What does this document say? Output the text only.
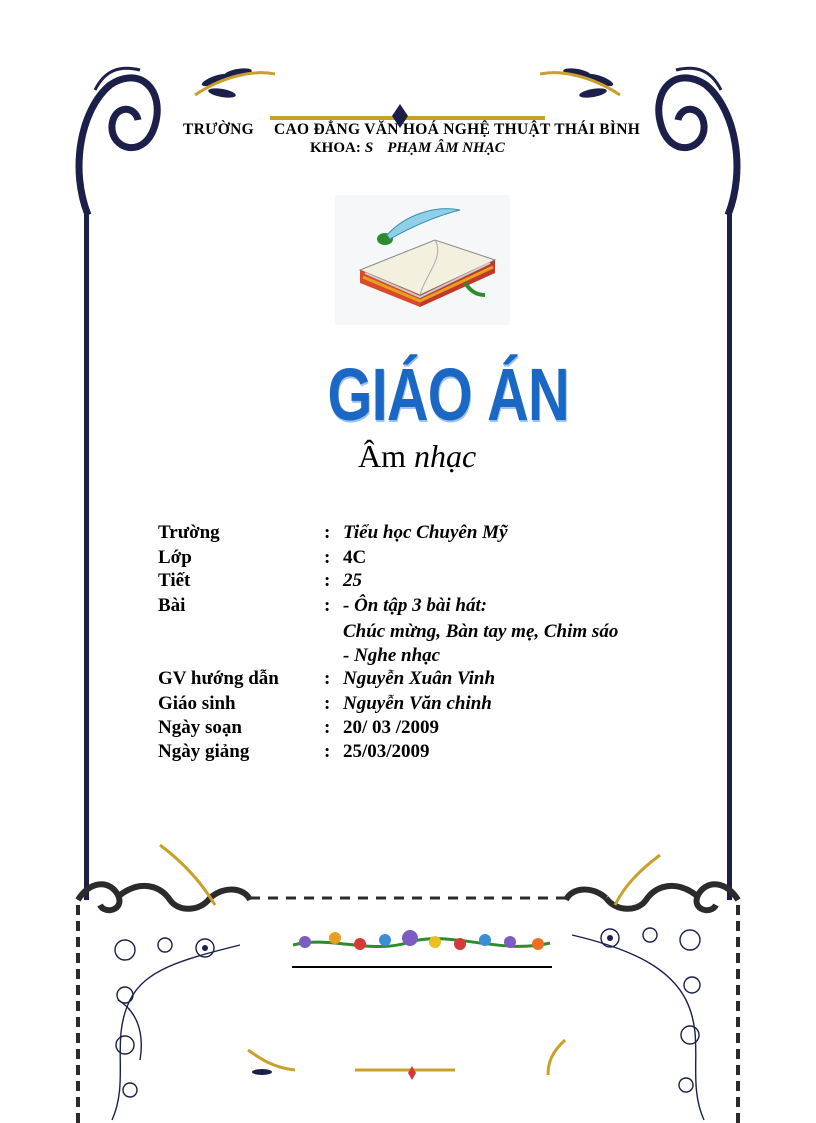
TRƯỜNG CAO ĐẲNG VĂN HOÁ NGHỆ THUẬT THÁI BÌNH
KHOA: S PHẠM ÂM NHẠC
GIÁO ÁN
Âm nhạc
Trường	: Tiểu học Chuyên Mỹ
Lớp	: 4C
Tiết	: 25
Bài	: - Ôn tập 3 bài hát:
Chúc mừng, Bàn tay mẹ, Chim sáo
- Nghe nhạc
GV hướng dẫn : Nguyễn Xuân Vinh
Giáo sinh	: Nguyễn Văn chinh
Ngày soạn	: 20/ 03 /2009
Ngày giảng	: 25/03/2009
